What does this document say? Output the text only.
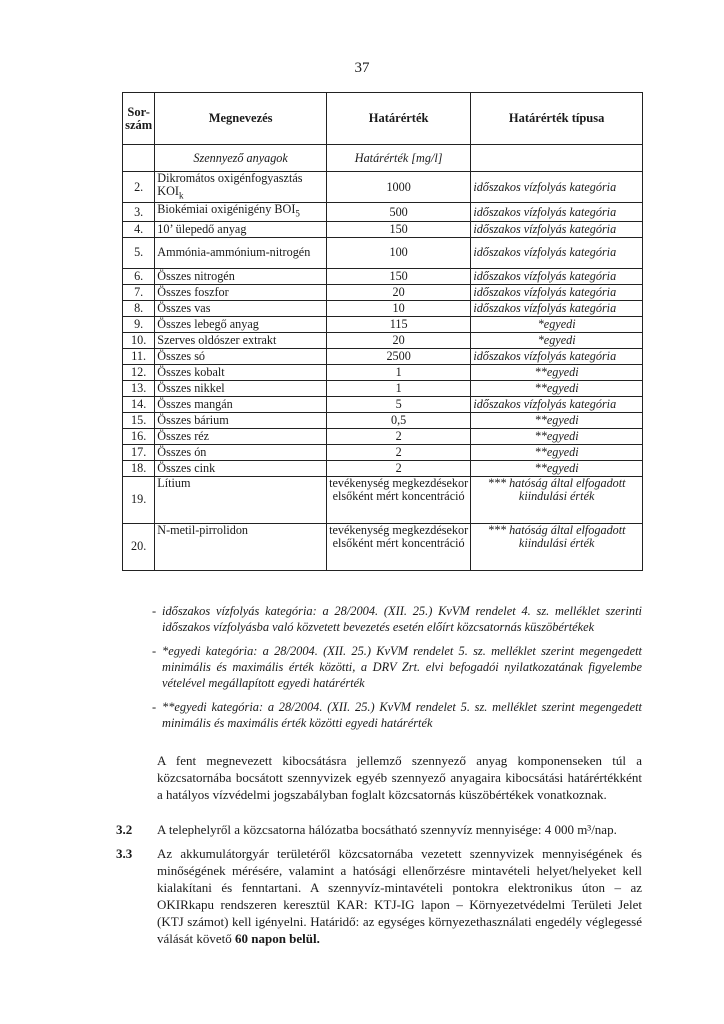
37
Sor-
szám	Megnevezés	Határérték	Határérték típusa
	Szennyező anyagok	Határérték [mg/l]	
2.	Dikromátos oxigénfogyasztás $KOI_k$	1000	időszakos vízfolyás kategória
3.	Biokémiai oxigénigény $BOI_5$	500	időszakos vízfolyás kategória
4.	10’ ülepedő anyag	150	időszakos vízfolyás kategória
5.	Ammónia-ammónium-nitrogén	100	időszakos vízfolyás kategória
6.	Összes nitrogén	150	időszakos vízfolyás kategória
7.	Összes foszfor	20	időszakos vízfolyás kategória
8.	Összes vas	10	időszakos vízfolyás kategória
9.	Összes lebegő anyag	115	*egyedi
10.	Szerves oldószer extrakt	20	*egyedi
11.	Összes só	2500	időszakos vízfolyás kategória
12.	Összes kobalt	1	**egyedi
13.	Összes nikkel	1	**egyedi
14.	Összes mangán	5	időszakos vízfolyás kategória
15.	Összes bárium	0,5	**egyedi
16.	Összes réz	2	**egyedi
17.	Összes ón	2	**egyedi
18.	Összes cink	2	**egyedi
19.	Lítium	tevékenység megkezdésekor elsőként mért koncentráció	*** hatóság által elfogadott kiindulási érték
20.	N-metil-pirrolidon	tevékenység megkezdésekor elsőként mért koncentráció	*** hatóság által elfogadott kiindulási érték
- időszakos vízfolyás kategória: a 28/2004. (XII. 25.) KvVM rendelet 4. sz. melléklet szerinti időszakos vízfolyásba való közvetett bevezetés esetén előírt közcsatornás küszöbértékek
- *egyedi kategória: a 28/2004. (XII. 25.) KvVM rendelet 5. sz. melléklet szerint megengedett minimális és maximális érték közötti, a DRV Zrt. elvi befogadói nyilatkozatának figyelembe vételével megállapított egyedi határérték
- **egyedi kategória: a 28/2004. (XII. 25.) KvVM rendelet 5. sz. melléklet szerint megengedett minimális és maximális érték közötti egyedi határérték
A fent megnevezett kibocsátásra jellemző szennyező anyag komponenseken túl a közcsatornába bocsátott szennyvizek egyéb szennyező anyagaira kibocsátási határértékként a hatályos vízvédelmi jogszabályban foglalt közcsatornás küszöbértékek vonatkoznak.
3.2	A telephelyről a közcsatorna hálózatba bocsátható szennyvíz mennyisége: 4 000 m³/nap.
3.3	Az akkumulátorgyár területéről közcsatornába vezetett szennyvizek mennyiségének és minőségének mérésére, valamint a hatósági ellenőrzésre mintavételi helyet/helyeket kell kialakítani és fenntartani. A szennyvíz-mintavételi pontokra elektronikus úton – az OKIRkapu rendszeren keresztül KAR: KTJ-IG lapon – Környezetvédelmi Területi Jelet (KTJ számot) kell igényelni. Határidő: az egységes környezethasználati engedély véglegessé válását követő 60 napon belül.
